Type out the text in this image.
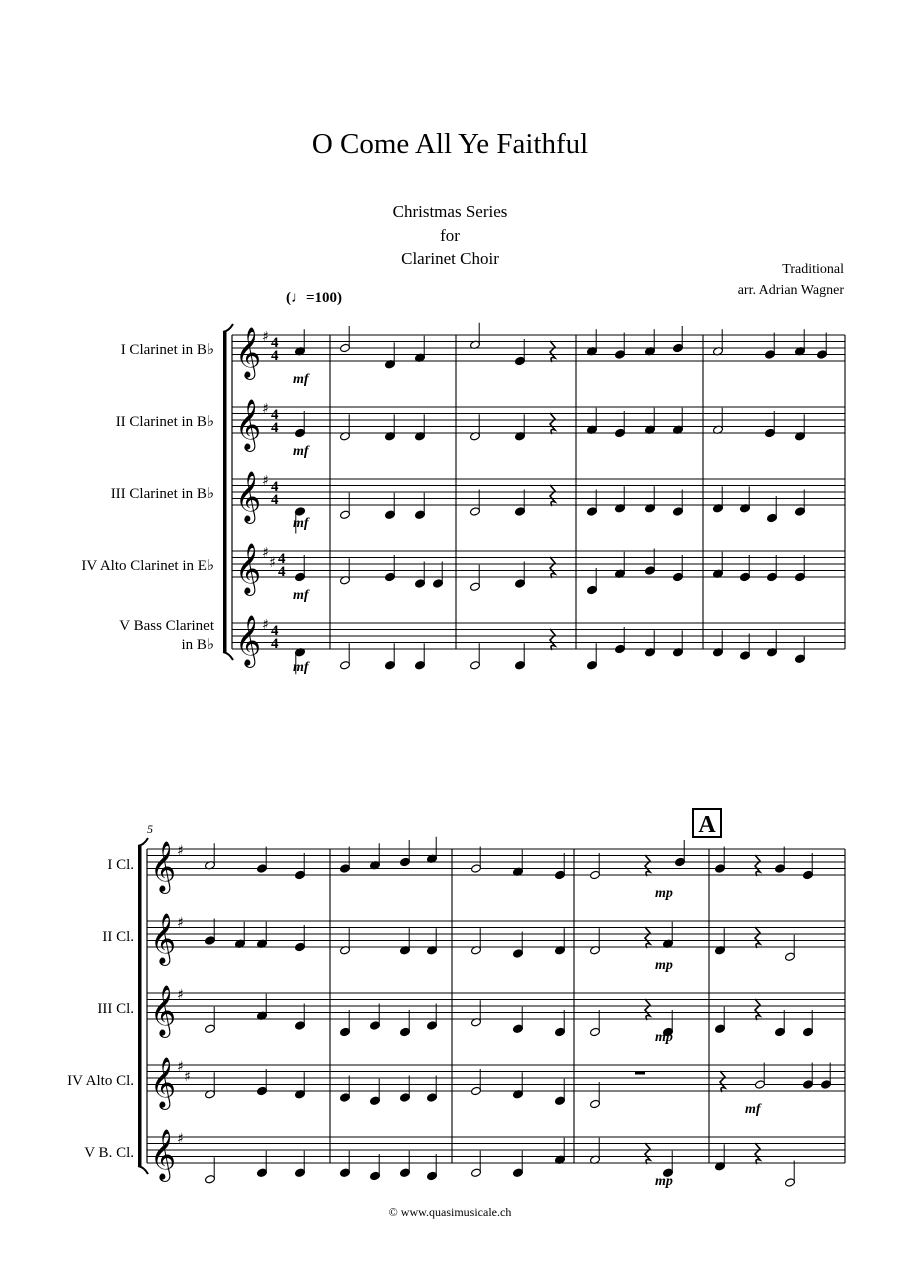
O Come All Ye Faithful
Christmas Series
for
Clarinet Choir
Traditional
arr. Adrian Wagner
(♩=100)
I Clarinet in B♭
II Clarinet in B♭
III Clarinet in B♭
IV Alto Clarinet in E♭
V Bass Clarinet
in B♭
I Cl.
II Cl.
III Cl.
IV Alto Cl.
V B. Cl.
5	A
© www.quasimusicale.ch
𝄞 ♯ 4
4
𝄞 ♯ 4
4
𝄞 ♯ 4
4
𝄞 ♯
♯ 4
4
𝄞 ♯ 4
4
mf
mf
mf
mf
mf
𝄞 ♯
𝄞 ♯
𝄞 ♯
𝄞 ♯
♯
𝄞 ♯
mp
mp
mp
mp
mf
